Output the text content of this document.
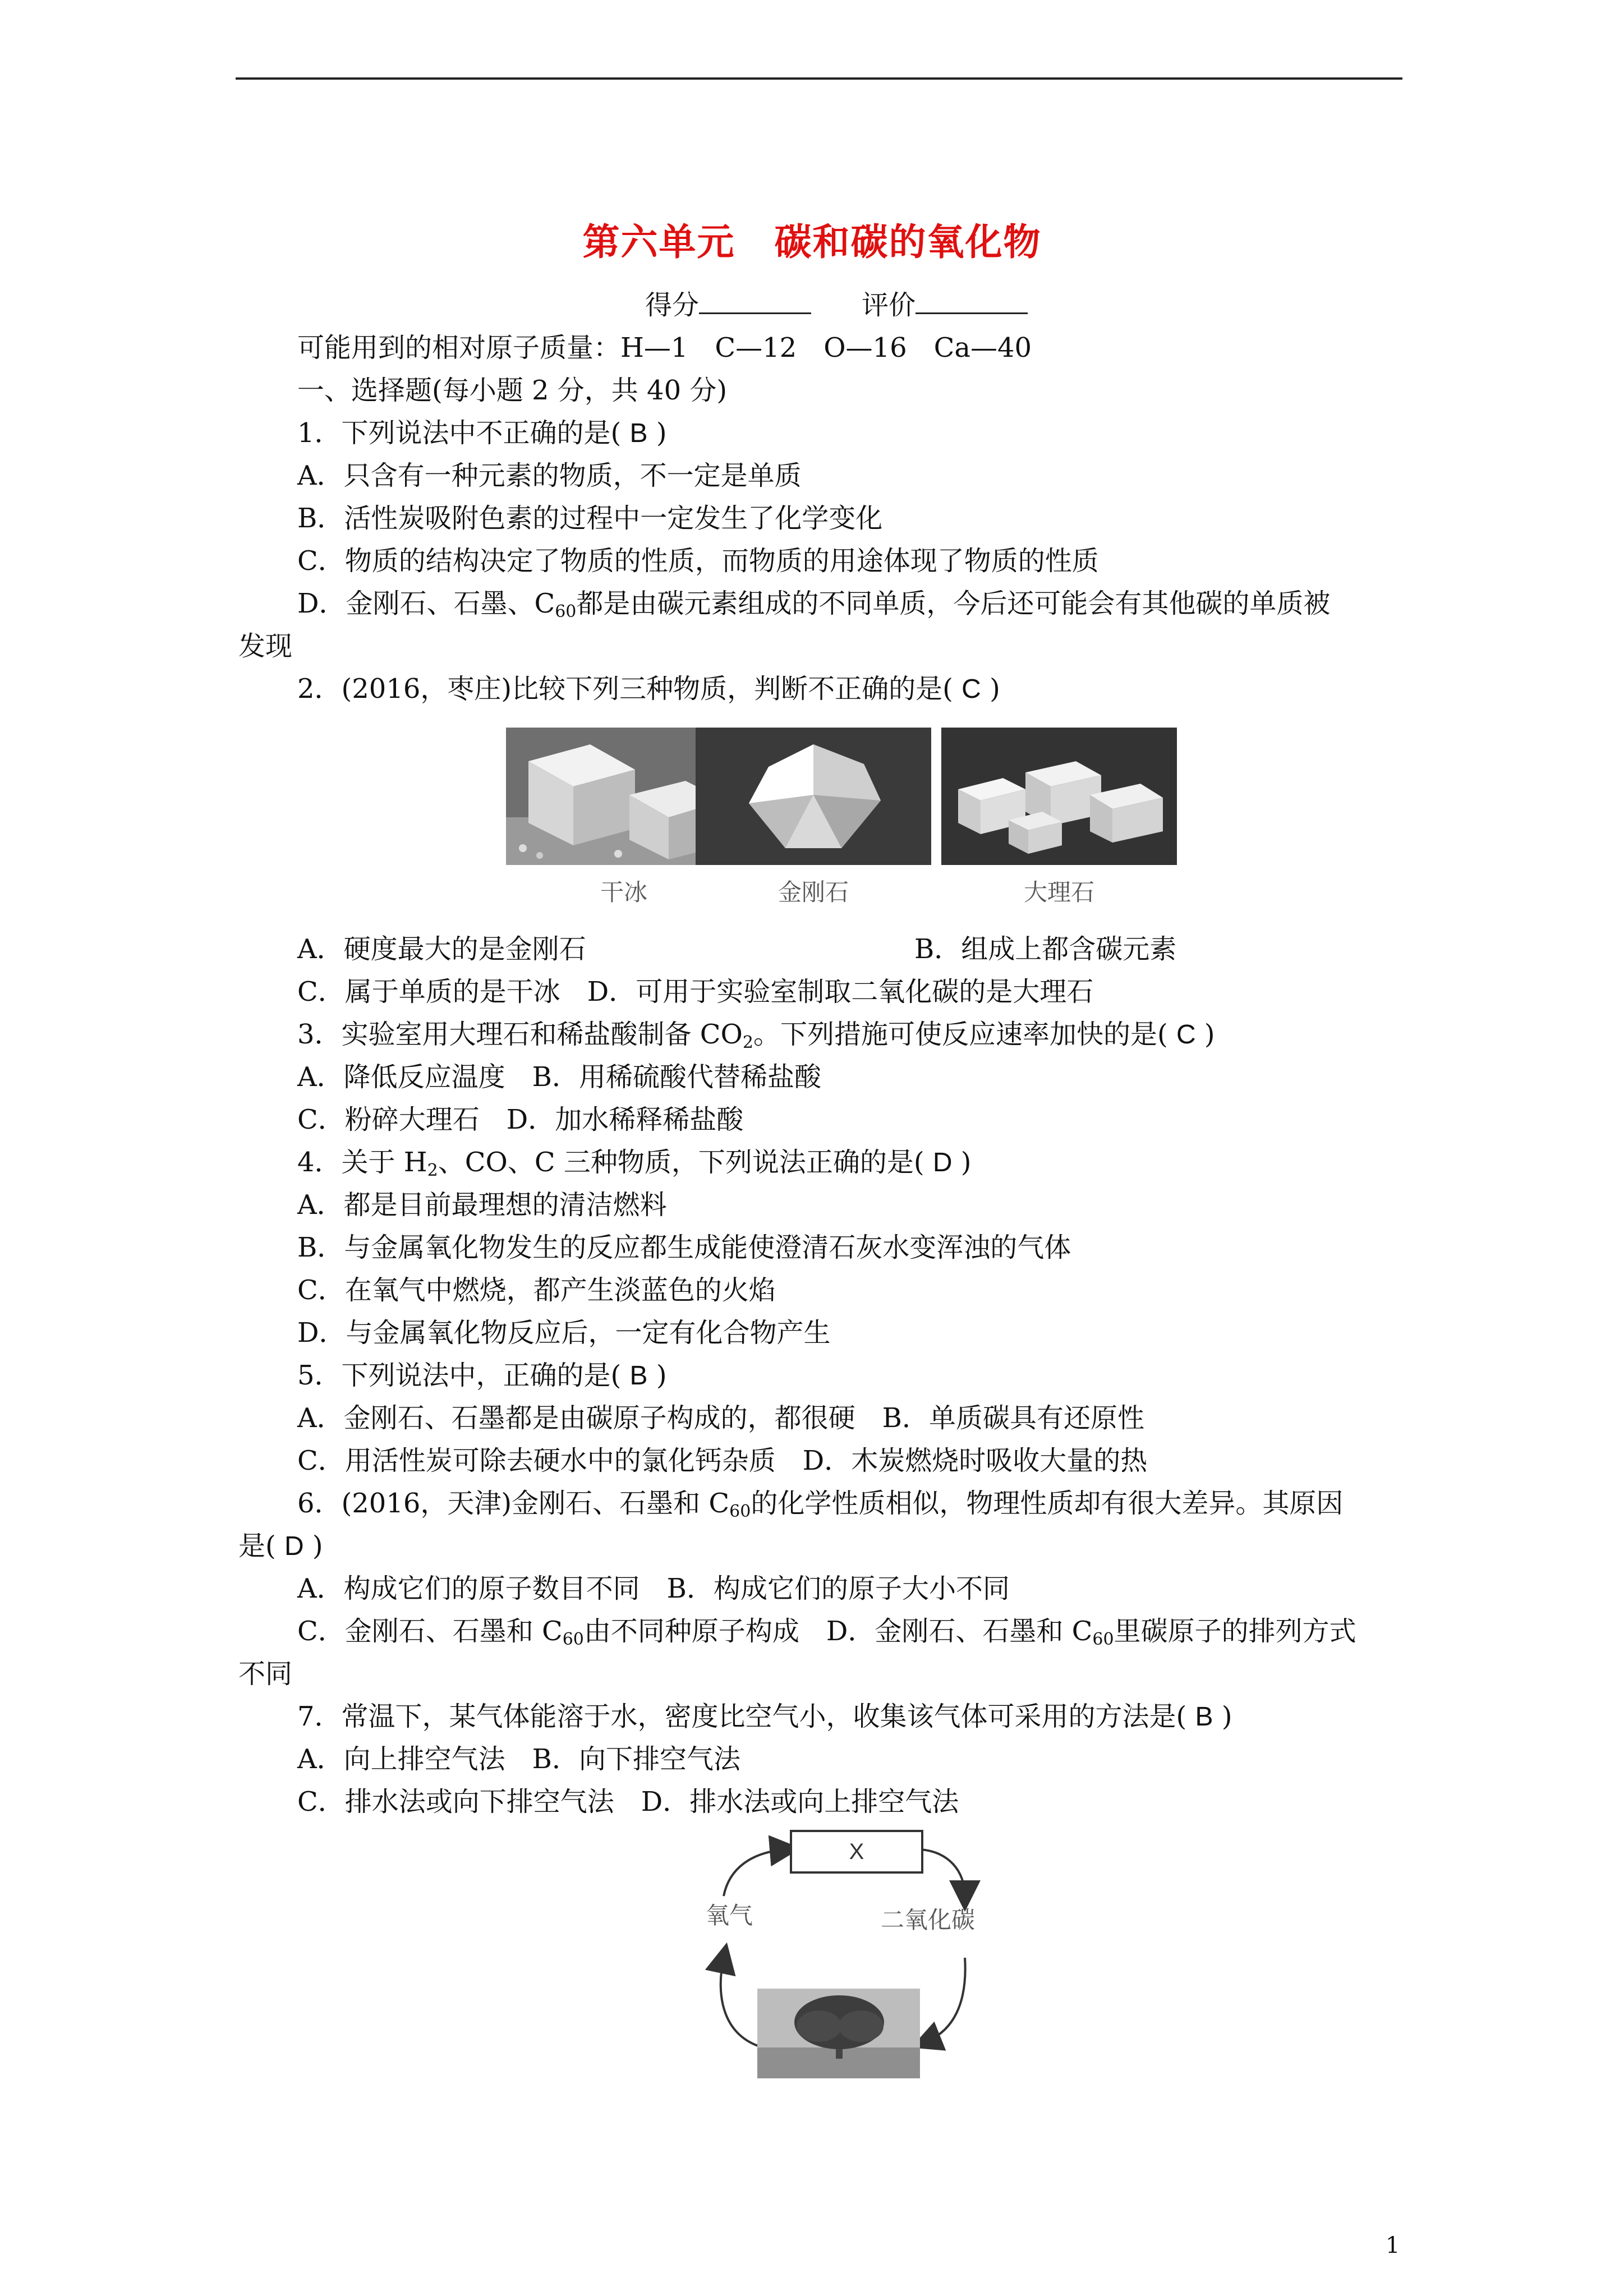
第六单元 碳和碳的氧化物
得分	评价
可能用到的相对原子质量：H—1　C—12　O—16　Ca—40
一、选择题(每小题 2 分，共 40 分)
1．下列说法中不正确的是( B )
A．只含有一种元素的物质，不一定是单质
B．活性炭吸附色素的过程中一定发生了化学变化
C．物质的结构决定了物质的性质，而物质的用途体现了物质的性质
D．金刚石、石墨、$C_{60}$都是由碳元素组成的不同单质，今后还可能会有其他碳的单质被
发现
2．(2016，枣庄)比较下列三种物质，判断不正确的是( C )
干冰	金刚石	大理石
A．硬度最大的是金刚石	B．组成上都含碳元素
C．属于单质的是干冰　D．可用于实验室制取二氧化碳的是大理石
3．实验室用大理石和稀盐酸制备 $CO_2$。下列措施可使反应速率加快的是( C )
A．降低反应温度　B．用稀硫酸代替稀盐酸
C．粉碎大理石　D．加水稀释稀盐酸
4．关于 $H_2$、CO、C 三种物质，下列说法正确的是( D )
A．都是目前最理想的清洁燃料
B．与金属氧化物发生的反应都生成能使澄清石灰水变浑浊的气体
C．在氧气中燃烧，都产生淡蓝色的火焰
D．与金属氧化物反应后，一定有化合物产生
5．下列说法中，正确的是( B )
A．金刚石、石墨都是由碳原子构成的，都很硬　B．单质碳具有还原性
C．用活性炭可除去硬水中的氯化钙杂质　D．木炭燃烧时吸收大量的热
6．(2016，天津)金刚石、石墨和 $C_{60}$的化学性质相似，物理性质却有很大差异。其原因
是( D )
A．构成它们的原子数目不同　B．构成它们的原子大小不同
C．金刚石、石墨和 $C_{60}$由不同种原子构成　D．金刚石、石墨和 $C_{60}$里碳原子的排列方式
不同
7．常温下，某气体能溶于水，密度比空气小，收集该气体可采用的方法是( B )
A．向上排空气法　B．向下排空气法
C．排水法或向下排空气法　D．排水法或向上排空气法
X
氧气	二氧化碳
1
